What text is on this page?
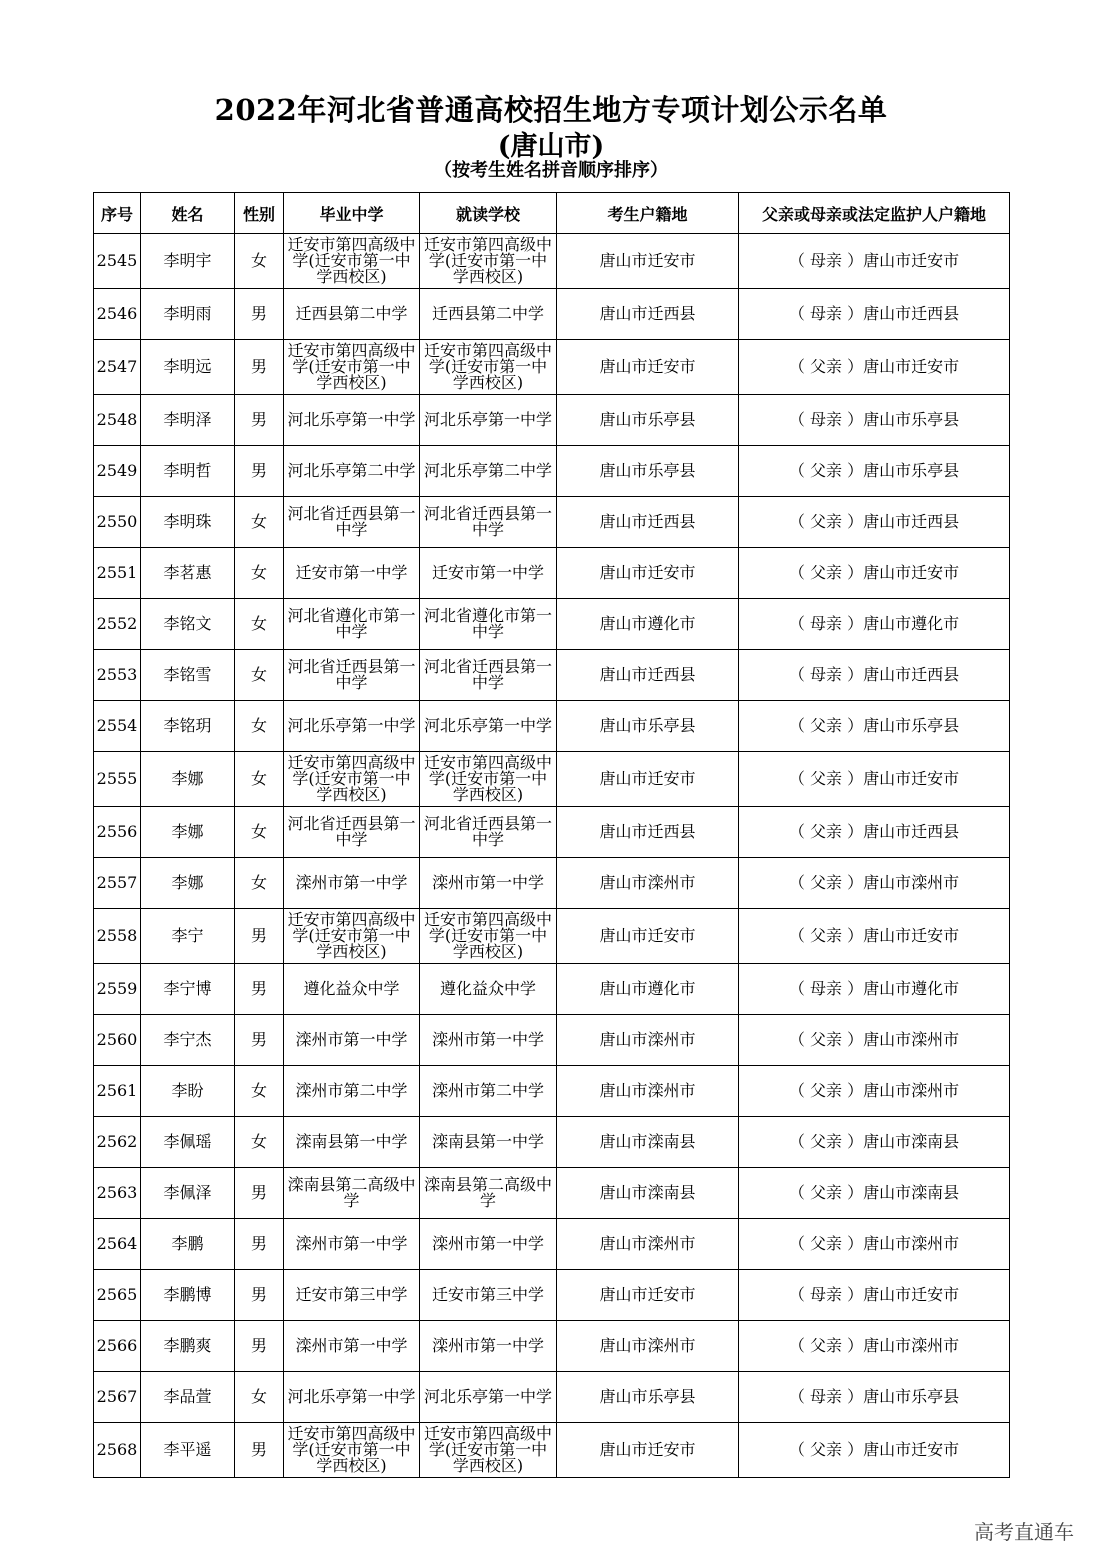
2022年河北省普通高校招生地方专项计划公示名单
(唐山市)
（按考生姓名拼音顺序排序）
序号	姓名	性别	毕业中学	就读学校	考生户籍地	父亲或母亲或法定监护人户籍地
2545	李明宇	女	迁安市第四高级中学(迁安市第一中学西校区)	迁安市第四高级中学(迁安市第一中学西校区)	唐山市迁安市	（ 母亲 ）唐山市迁安市
2546	李明雨	男	迁西县第二中学	迁西县第二中学	唐山市迁西县	（ 母亲 ）唐山市迁西县
2547	李明远	男	迁安市第四高级中学(迁安市第一中学西校区)	迁安市第四高级中学(迁安市第一中学西校区)	唐山市迁安市	（ 父亲 ）唐山市迁安市
2548	李明泽	男	河北乐亭第一中学	河北乐亭第一中学	唐山市乐亭县	（ 母亲 ）唐山市乐亭县
2549	李明哲	男	河北乐亭第二中学	河北乐亭第二中学	唐山市乐亭县	（ 父亲 ）唐山市乐亭县
2550	李明珠	女	河北省迁西县第一中学	河北省迁西县第一中学	唐山市迁西县	（ 父亲 ）唐山市迁西县
2551	李茗惠	女	迁安市第一中学	迁安市第一中学	唐山市迁安市	（ 父亲 ）唐山市迁安市
2552	李铭文	女	河北省遵化市第一中学	河北省遵化市第一中学	唐山市遵化市	（ 母亲 ）唐山市遵化市
2553	李铭雪	女	河北省迁西县第一中学	河北省迁西县第一中学	唐山市迁西县	（ 母亲 ）唐山市迁西县
2554	李铭玥	女	河北乐亭第一中学	河北乐亭第一中学	唐山市乐亭县	（ 父亲 ）唐山市乐亭县
2555	李娜	女	迁安市第四高级中学(迁安市第一中学西校区)	迁安市第四高级中学(迁安市第一中学西校区)	唐山市迁安市	（ 父亲 ）唐山市迁安市
2556	李娜	女	河北省迁西县第一中学	河北省迁西县第一中学	唐山市迁西县	（ 父亲 ）唐山市迁西县
2557	李娜	女	滦州市第一中学	滦州市第一中学	唐山市滦州市	（ 父亲 ）唐山市滦州市
2558	李宁	男	迁安市第四高级中学(迁安市第一中学西校区)	迁安市第四高级中学(迁安市第一中学西校区)	唐山市迁安市	（ 父亲 ）唐山市迁安市
2559	李宁博	男	遵化益众中学	遵化益众中学	唐山市遵化市	（ 母亲 ）唐山市遵化市
2560	李宁杰	男	滦州市第一中学	滦州市第一中学	唐山市滦州市	（ 父亲 ）唐山市滦州市
2561	李盼	女	滦州市第二中学	滦州市第二中学	唐山市滦州市	（ 父亲 ）唐山市滦州市
2562	李佩瑶	女	滦南县第一中学	滦南县第一中学	唐山市滦南县	（ 父亲 ）唐山市滦南县
2563	李佩泽	男	滦南县第二高级中学	滦南县第二高级中学	唐山市滦南县	（ 父亲 ）唐山市滦南县
2564	李鹏	男	滦州市第一中学	滦州市第一中学	唐山市滦州市	（ 父亲 ）唐山市滦州市
2565	李鹏博	男	迁安市第三中学	迁安市第三中学	唐山市迁安市	（ 母亲 ）唐山市迁安市
2566	李鹏爽	男	滦州市第一中学	滦州市第一中学	唐山市滦州市	（ 父亲 ）唐山市滦州市
2567	李品萱	女	河北乐亭第一中学	河北乐亭第一中学	唐山市乐亭县	（ 母亲 ）唐山市乐亭县
2568	李平遥	男	迁安市第四高级中学(迁安市第一中学西校区)	迁安市第四高级中学(迁安市第一中学西校区)	唐山市迁安市	（ 父亲 ）唐山市迁安市
高考直通车
